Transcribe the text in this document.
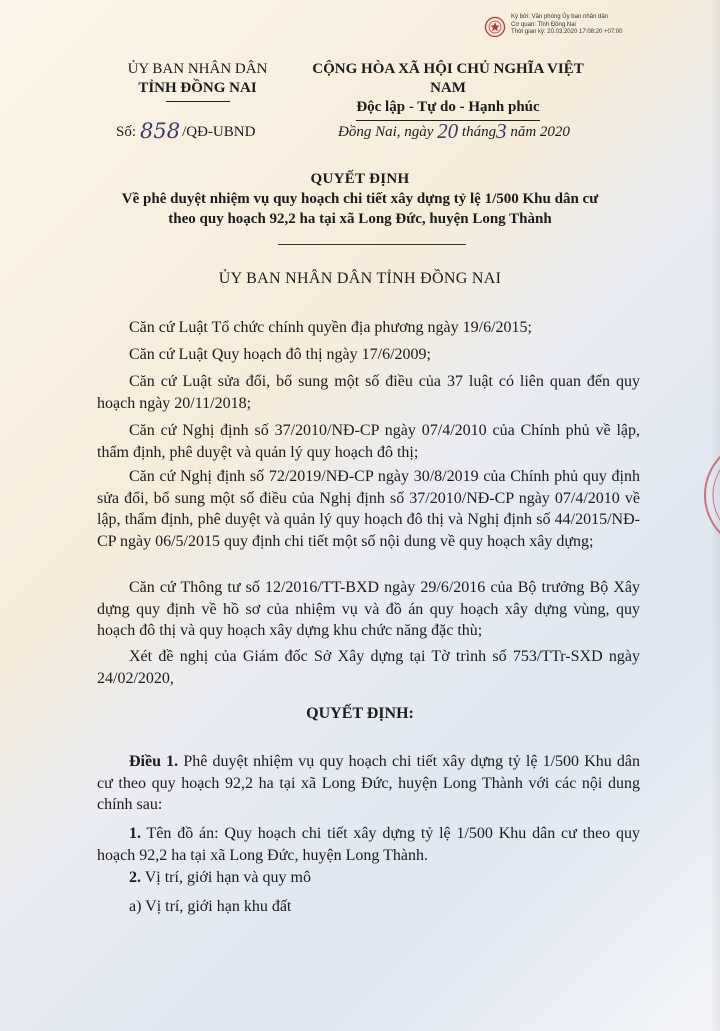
Ký bởi: Văn phòng Ủy ban nhân dân
Cơ quan: Tỉnh Đồng Nai
Thời gian ký: 20.03.2020 17:08:20 +07:00
ỦY BAN NHÂN DÂN
TỈNH ĐỒNG NAI
CỘNG HÒA XÃ HỘI CHỦ NGHĨA VIỆT NAM
Độc lập - Tự do - Hạnh phúc
Số: 858 /QĐ-UBND	Đồng Nai, ngày 20 tháng3 năm 2020
QUYẾT ĐỊNH
Về phê duyệt nhiệm vụ quy hoạch chi tiết xây dựng tỷ lệ 1/500 Khu dân cư
theo quy hoạch 92,2 ha tại xã Long Đức, huyện Long Thành
ỦY BAN NHÂN DÂN TỈNH ĐỒNG NAI
Căn cứ Luật Tổ chức chính quyền địa phương ngày 19/6/2015;
Căn cứ Luật Quy hoạch đô thị ngày 17/6/2009;
Căn cứ Luật sửa đổi, bổ sung một số điều của 37 luật có liên quan đến quy hoạch ngày 20/11/2018;
Căn cứ Nghị định số 37/2010/NĐ-CP ngày 07/4/2010 của Chính phủ về lập, thẩm định, phê duyệt và quản lý quy hoạch đô thị;
Căn cứ Nghị định số 72/2019/NĐ-CP ngày 30/8/2019 của Chính phủ quy định sửa đổi, bổ sung một số điều của Nghị định số 37/2010/NĐ-CP ngày 07/4/2010 về lập, thẩm định, phê duyệt và quản lý quy hoạch đô thị và Nghị định số 44/2015/NĐ-CP ngày 06/5/2015 quy định chi tiết một số nội dung về quy hoạch xây dựng;
Căn cứ Thông tư số 12/2016/TT-BXD ngày 29/6/2016 của Bộ trưởng Bộ Xây dựng quy định về hồ sơ của nhiệm vụ và đồ án quy hoạch xây dựng vùng, quy hoạch đô thị và quy hoạch xây dựng khu chức năng đặc thù;
Xét đề nghị của Giám đốc Sở Xây dựng tại Tờ trình số 753/TTr-SXD ngày 24/02/2020,
QUYẾT ĐỊNH:
Điều 1. Phê duyệt nhiệm vụ quy hoạch chi tiết xây dựng tỷ lệ 1/500 Khu dân cư theo quy hoạch 92,2 ha tại xã Long Đức, huyện Long Thành với các nội dung chính sau:
1. Tên đồ án: Quy hoạch chi tiết xây dựng tỷ lệ 1/500 Khu dân cư theo quy hoạch 92,2 ha tại xã Long Đức, huyện Long Thành.
2. Vị trí, giới hạn và quy mô
a) Vị trí, giới hạn khu đất
